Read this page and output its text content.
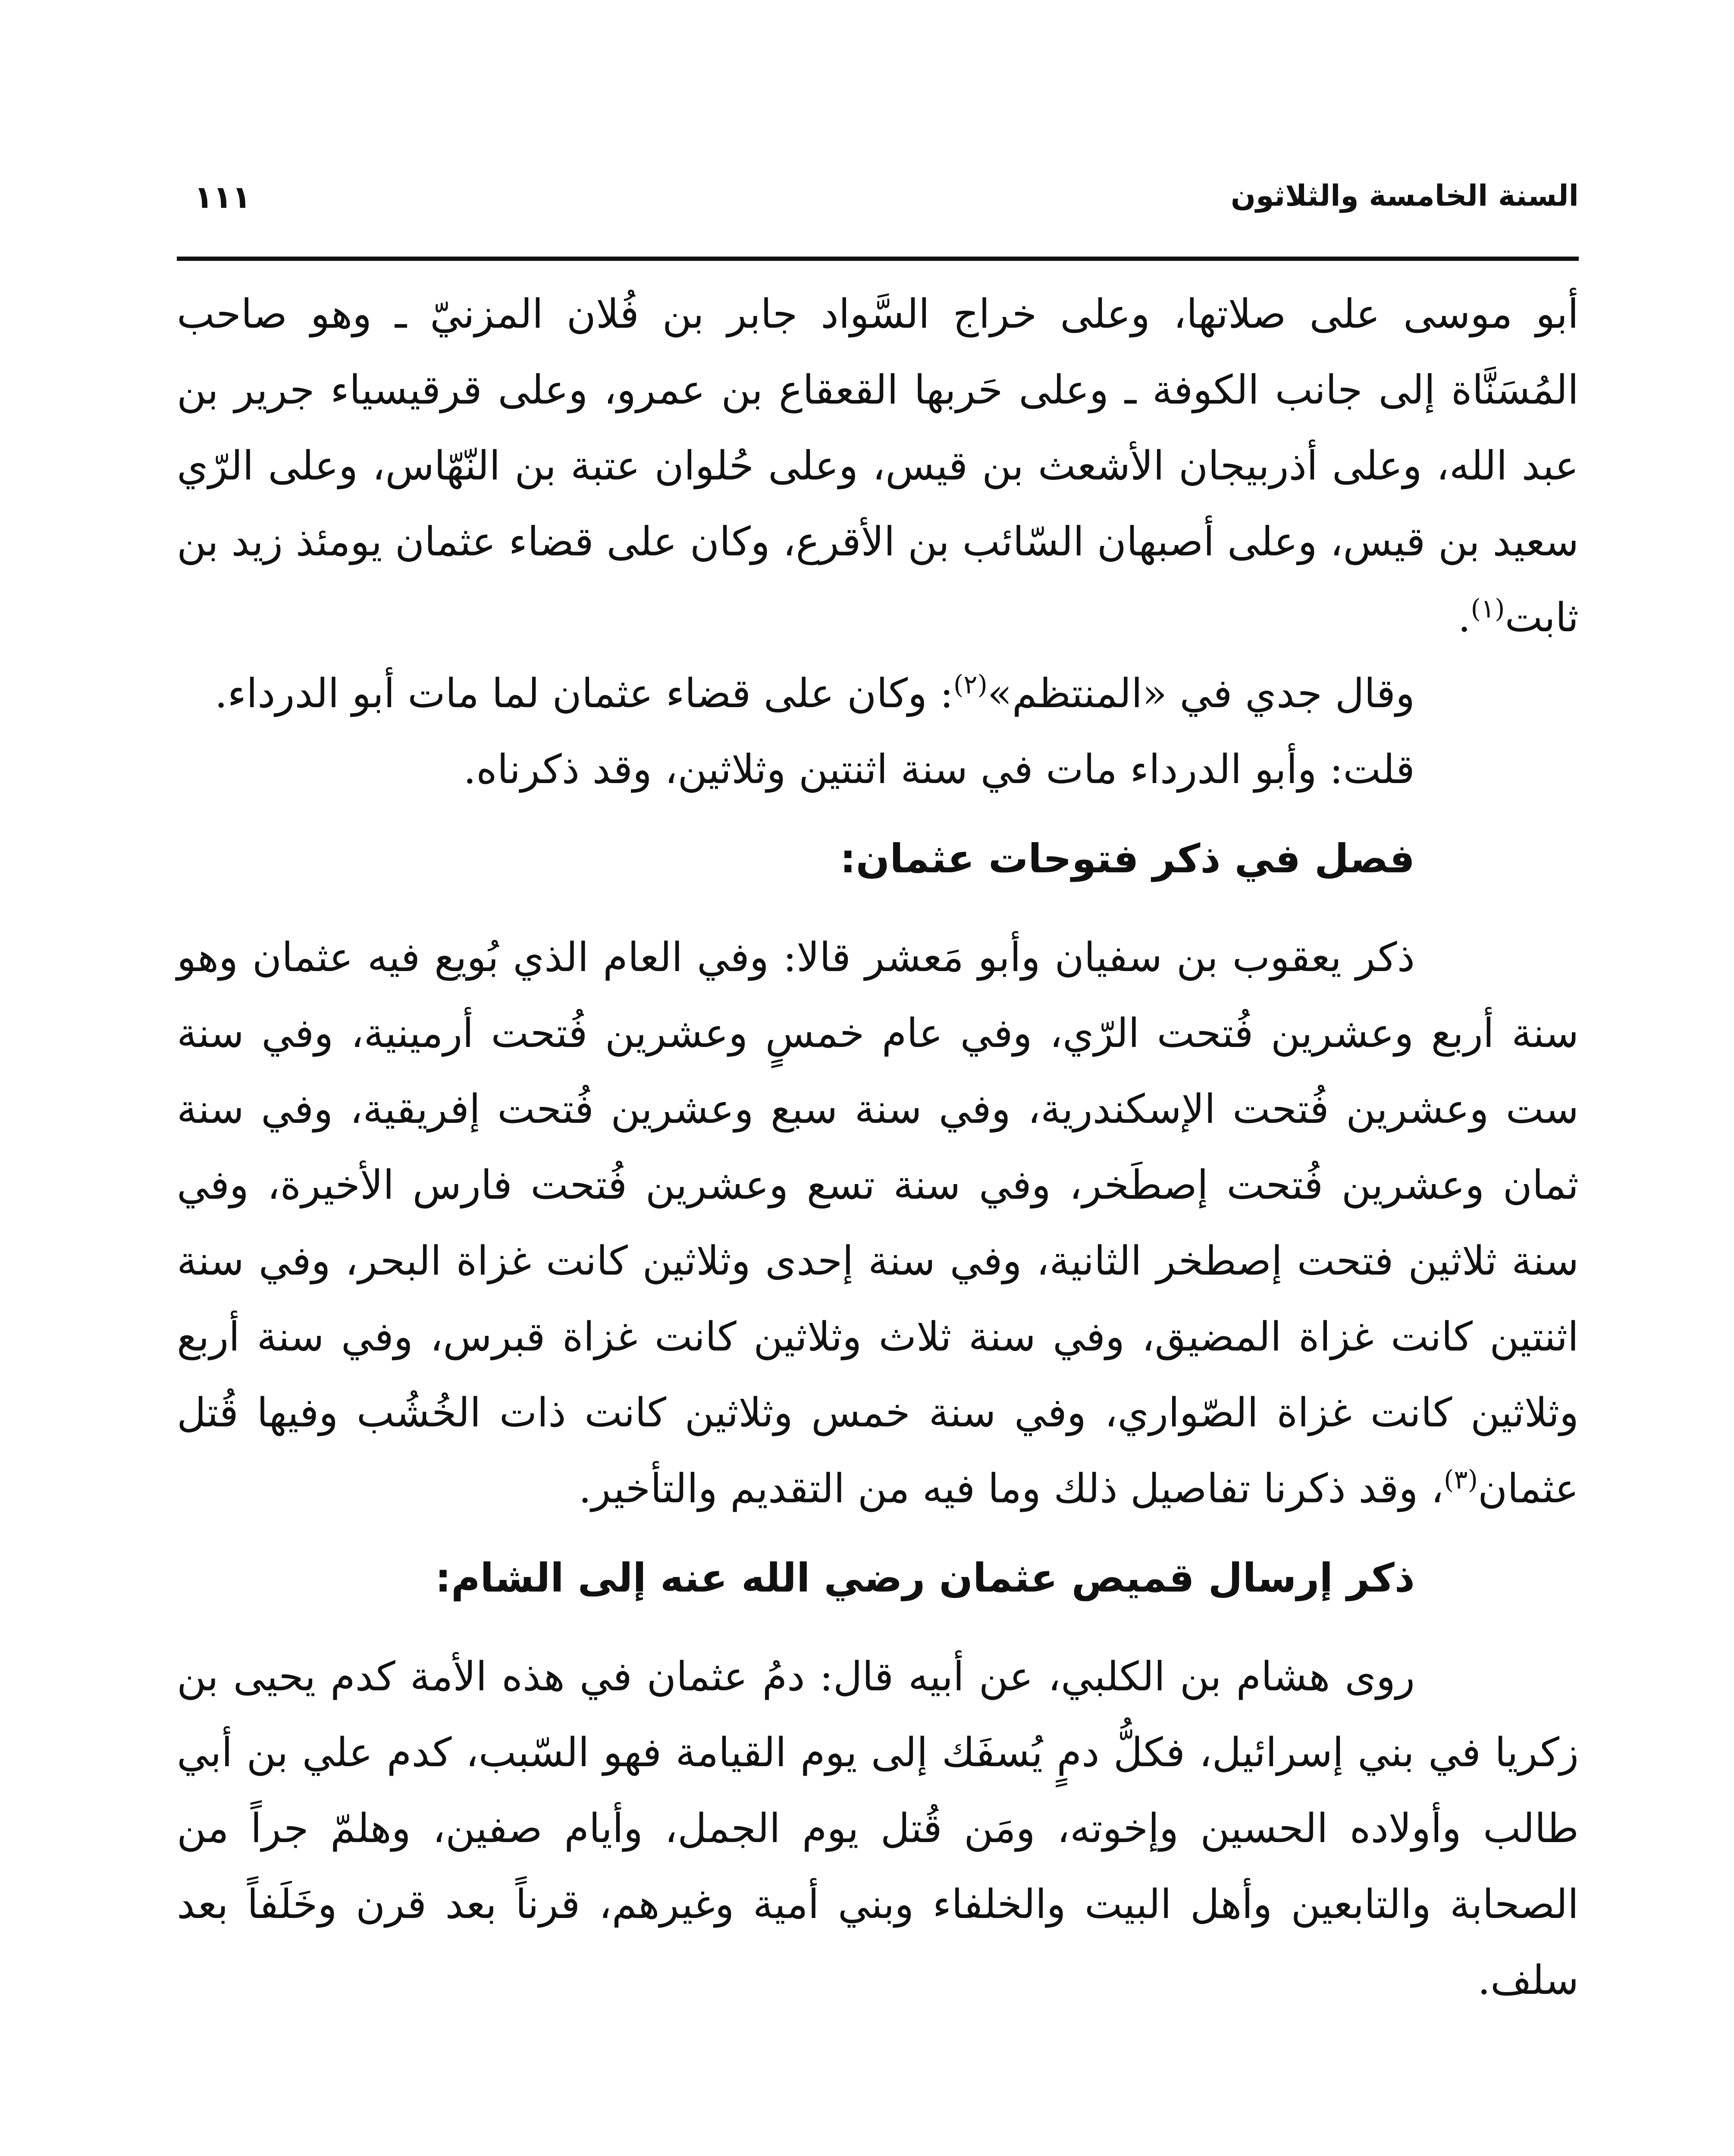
السنة الخامسة والثلاثون
١١١

أبو موسى على صلاتها، وعلى خراج السَّواد جابر بن فُلان المزنيّ ـ وهو صاحب المُسَنَّاة إلى جانب الكوفة ـ وعلى حَربها القعقاع بن عمرو، وعلى قرقيسياء جرير بن عبد الله، وعلى أذربيجان الأشعث بن قيس، وعلى حُلوان عتبة بن النّهّاس، وعلى الرّي سعيد بن قيس، وعلى أصبهان السّائب بن الأقرع، وكان على قضاء عثمان يومئذ زيد بن ثابت$^{(١)}$.

وقال جدي في «المنتظم»$^{(٢)}$: وكان على قضاء عثمان لما مات أبو الدرداء.

قلت: وأبو الدرداء مات في سنة اثنتين وثلاثين، وقد ذكرناه.

فصل في ذكر فتوحات عثمان:

ذكر يعقوب بن سفيان وأبو مَعشر قالا: وفي العام الذي بُويع فيه عثمان وهو سنة أربع وعشرين فُتحت الرّي، وفي عام خمسٍ وعشرين فُتحت أرمينية، وفي سنة ست وعشرين فُتحت الإسكندرية، وفي سنة سبع وعشرين فُتحت إفريقية، وفي سنة ثمان وعشرين فُتحت إصطَخر، وفي سنة تسع وعشرين فُتحت فارس الأخيرة، وفي سنة ثلاثين فتحت إصطخر الثانية، وفي سنة إحدى وثلاثين كانت غزاة البحر، وفي سنة اثنتين كانت غزاة المضيق، وفي سنة ثلاث وثلاثين كانت غزاة قبرس، وفي سنة أربع وثلاثين كانت غزاة الصّواري، وفي سنة خمس وثلاثين كانت ذات الخُشُب وفيها قُتل عثمان$^{(٣)}$، وقد ذكرنا تفاصيل ذلك وما فيه من التقديم والتأخير.

ذكر إرسال قميص عثمان رضي الله عنه إلى الشام:

روى هشام بن الكلبي، عن أبيه قال: دمُ عثمان في هذه الأمة كدم يحيى بن زكريا في بني إسرائيل، فكلُّ دمٍ يُسفَك إلى يوم القيامة فهو السّبب، كدم علي بن أبي طالب وأولاده الحسين وإخوته، ومَن قُتل يوم الجمل، وأيام صفين، وهلمّ جراً من الصحابة والتابعين وأهل البيت والخلفاء وبني أمية وغيرهم، قرناً بعد قرن وخَلَفاً بعد سلف.
